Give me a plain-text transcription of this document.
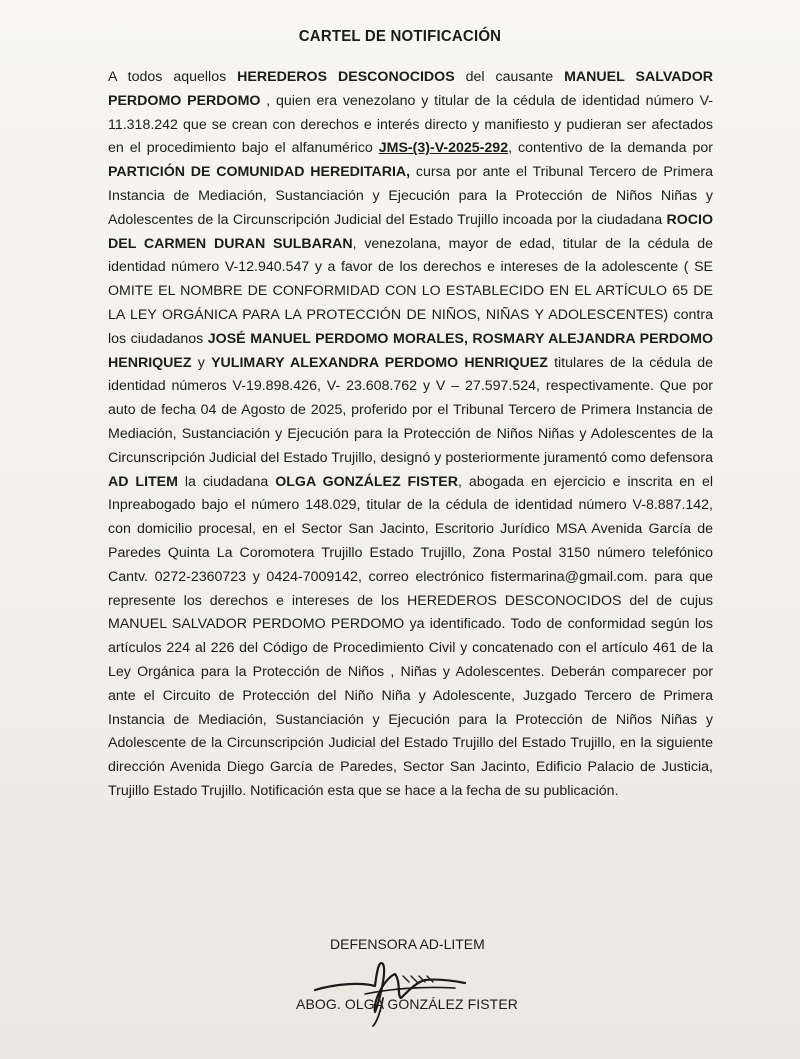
CARTEL DE NOTIFICACIÓN
A todos aquellos HEREDEROS DESCONOCIDOS del causante MANUEL SALVADOR PERDOMO PERDOMO , quien era venezolano y titular de la cédula de identidad número V- 11.318.242 que se crean con derechos e interés directo y manifiesto y pudieran ser afectados en el procedimiento bajo el alfanumérico JMS-(3)-V-2025-292, contentivo de la demanda por PARTICIÓN DE COMUNIDAD HEREDITARIA, cursa por ante el Tribunal Tercero de Primera Instancia de Mediación, Sustanciación y Ejecución para la Protección de Niños Niñas y Adolescentes de la Circunscripción Judicial del Estado Trujillo incoada por la ciudadana ROCIO DEL CARMEN DURAN SULBARAN, venezolana, mayor de edad, titular de la cédula de identidad número V-12.940.547 y a favor de los derechos e intereses de la adolescente ( SE OMITE EL NOMBRE DE CONFORMIDAD CON LO ESTABLECIDO EN EL ARTÍCULO 65 DE LA LEY ORGÁNICA PARA LA PROTECCIÓN DE NIÑOS, NIÑAS Y ADOLESCENTES) contra los ciudadanos JOSÉ MANUEL PERDOMO MORALES, ROSMARY ALEJANDRA PERDOMO HENRIQUEZ y YULIMARY ALEXANDRA PERDOMO HENRIQUEZ titulares de la cédula de identidad números V-19.898.426, V- 23.608.762 y V – 27.597.524, respectivamente. Que por auto de fecha 04 de Agosto de 2025, proferido por el Tribunal Tercero de Primera Instancia de Mediación, Sustanciación y Ejecución para la Protección de Niños Niñas y Adolescentes de la Circunscripción Judicial del Estado Trujillo, designó y posteriormente juramentó como defensora AD LITEM la ciudadana OLGA GONZÁLEZ FISTER, abogada en ejercicio e inscrita en el Inpreabogado bajo el número 148.029, titular de la cédula de identidad número V-8.887.142, con domicilio procesal, en el Sector San Jacinto, Escritorio Jurídico MSA Avenida García de Paredes Quinta La Coromotera Trujillo Estado Trujillo, Zona Postal 3150 número telefónico Cantv. 0272-2360723 y 0424-7009142, correo electrónico fistermarina@gmail.com. para que represente los derechos e intereses de los HEREDEROS DESCONOCIDOS del de cujus MANUEL SALVADOR PERDOMO PERDOMO ya identificado. Todo de conformidad según los artículos 224 al 226 del Código de Procedimiento Civil y concatenado con el artículo 461 de la Ley Orgánica para la Protección de Niños , Niñas y Adolescentes. Deberán comparecer por ante el Circuito de Protección del Niño Niña y Adolescente, Juzgado Tercero de Primera Instancia de Mediación, Sustanciación y Ejecución para la Protección de Niños Niñas y Adolescente de la Circunscripción Judicial del Estado Trujillo del Estado Trujillo, en la siguiente dirección Avenida Diego García de Paredes, Sector San Jacinto, Edificio Palacio de Justicia, Trujillo Estado Trujillo. Notificación esta que se hace a la fecha de su publicación.
DEFENSORA AD-LITEM
ABOG. OLGA GONZÁLEZ FISTER
